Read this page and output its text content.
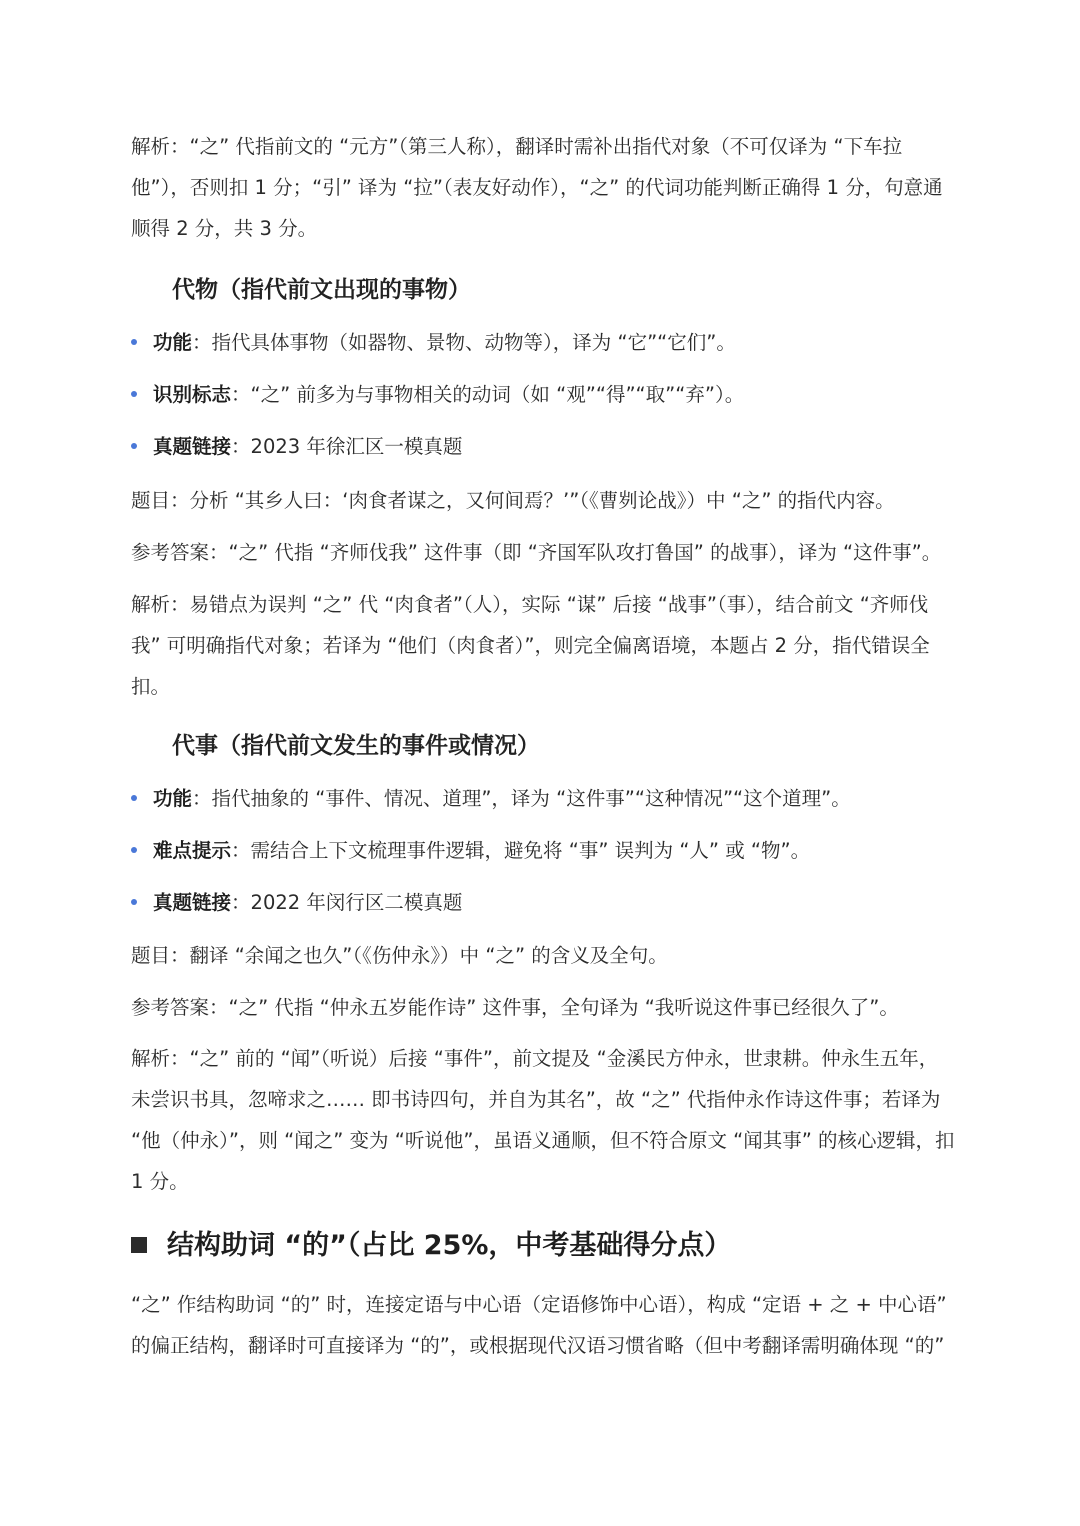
解析：“之” 代指前文的 “元方”（第三人称），翻译时需补出指代对象（不可仅译为 “下车拉

他”），否则扣 1 分；“引” 译为 “拉”（表友好动作），“之” 的代词功能判断正确得 1 分，句意通

顺得 2 分，共 3 分。

代物（指代前文出现的事物）
功能：指代具体事物（如器物、景物、动物等），译为 “它”“它们”。
识别标志：“之” 前多为与事物相关的动词（如 “观”“得”“取”“弃”）。
真题链接：2023 年徐汇区一模真题

题目：分析 “其乡人曰：‘肉食者谋之，又何间焉？’”（《曹刿论战》）中 “之” 的指代内容。

参考答案：“之” 代指 “齐师伐我” 这件事（即 “齐国军队攻打鲁国” 的战事），译为 “这件事”。

解析：易错点为误判 “之” 代 “肉食者”（人），实际 “谋” 后接 “战事”（事），结合前文 “齐师伐

我” 可明确指代对象；若译为 “他们（肉食者）”，则完全偏离语境，本题占 2 分，指代错误全

扣。

代事（指代前文发生的事件或情况）
功能：指代抽象的 “事件、情况、道理”，译为 “这件事”“这种情况”“这个道理”。
难点提示：需结合上下文梳理事件逻辑，避免将 “事” 误判为 “人” 或 “物”。
真题链接：2022 年闵行区二模真题

题目：翻译 “余闻之也久”（《伤仲永》）中 “之” 的含义及全句。

参考答案：“之” 代指 “仲永五岁能作诗” 这件事，全句译为 “我听说这件事已经很久了”。

解析：“之” 前的 “闻”（听说）后接 “事件”，前文提及 “金溪民方仲永，世隶耕。仲永生五年，

未尝识书具，忽啼求之…… 即书诗四句，并自为其名”，故 “之” 代指仲永作诗这件事；若译为

“他（仲永）”，则 “闻之” 变为 “听说他”，虽语义通顺，但不符合原文 “闻其事” 的核心逻辑，扣

1 分。

结构助词 “的”（占比 25%，中考基础得分点）

“之” 作结构助词 “的” 时，连接定语与中心语（定语修饰中心语），构成 “定语 + 之 + 中心语”

的偏正结构，翻译时可直接译为 “的”，或根据现代汉语习惯省略（但中考翻译需明确体现 “的”
